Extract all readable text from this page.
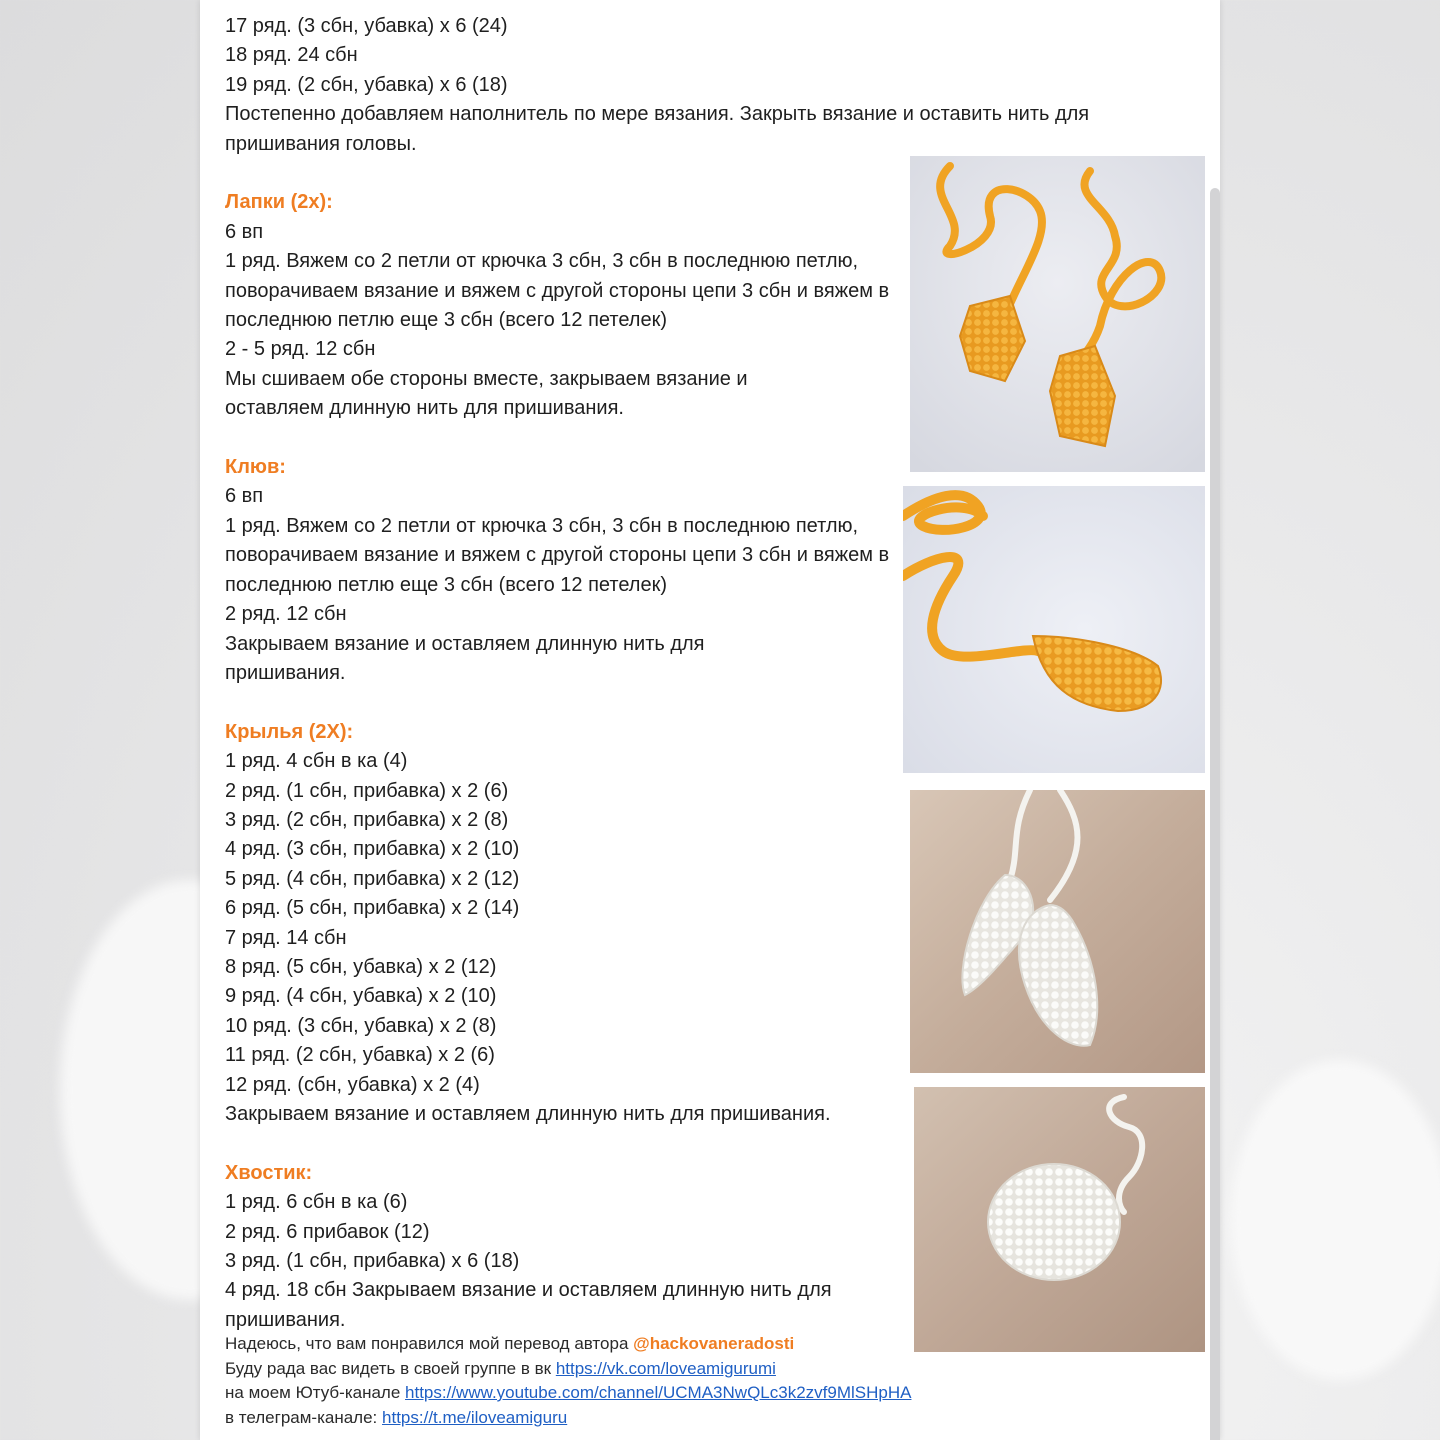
17 ряд. (3 сбн, убавка) х 6 (24)

18 ряд. 24 сбн

19 ряд. (2 сбн, убавка) х 6 (18)

Постепенно добавляем наполнитель по мере вязания. Закрыть вязание и оставить нить для пришивания головы.

Лапки (2х):

6 вп

1 ряд. Вяжем со 2 петли от крючка 3 сбн, 3 сбн в последнюю петлю, поворачиваем вязание и вяжем с другой стороны цепи 3 сбн и вяжем в последнюю петлю еще 3 сбн (всего 12 петелек)

2 - 5 ряд. 12 сбн

Мы сшиваем обе стороны вместе, закрываем вязание и оставляем длинную нить для пришивания.

Клюв:

6 вп

1 ряд. Вяжем со 2 петли от крючка 3 сбн, 3 сбн в последнюю петлю, поворачиваем вязание и вяжем с другой стороны цепи 3 сбн и вяжем в последнюю петлю еще 3 сбн (всего 12 петелек)

2 ряд. 12 сбн

Закрываем вязание и оставляем длинную нить для пришивания.

Крылья (2Х):

1 ряд. 4 сбн в ка (4)

2 ряд. (1 сбн, прибавка) х 2 (6)

3 ряд. (2 сбн, прибавка) х 2 (8)

4 ряд. (3 сбн, прибавка) х 2 (10)

5 ряд. (4 сбн, прибавка) х 2 (12)

6 ряд. (5 сбн, прибавка) х 2 (14)

7 ряд. 14 сбн

8 ряд. (5 сбн, убавка) х 2 (12)

9 ряд. (4 сбн, убавка) х 2 (10)

10 ряд. (3 сбн, убавка) х 2 (8)

11 ряд. (2 сбн, убавка) х 2 (6)

12 ряд. (сбн, убавка) х 2 (4)

Закрываем вязание и оставляем длинную нить для пришивания.

Хвостик:

1 ряд. 6 сбн в ка (6)

2 ряд. 6 прибавок (12)

3 ряд. (1 сбн, прибавка) х 6 (18)

4 ряд. 18 сбн Закрываем вязание и оставляем длинную нить для пришивания.

Надеюсь, что вам понравился мой перевод автора @hackovaneradosti

Буду рада вас видеть в своей группе в вк https://vk.com/loveamigurumi

на моем Ютуб-канале https://www.youtube.com/channel/UCMA3NwQLc3k2zvf9MlSHpHA

в телеграм-канале: https://t.me/iloveamiguru
